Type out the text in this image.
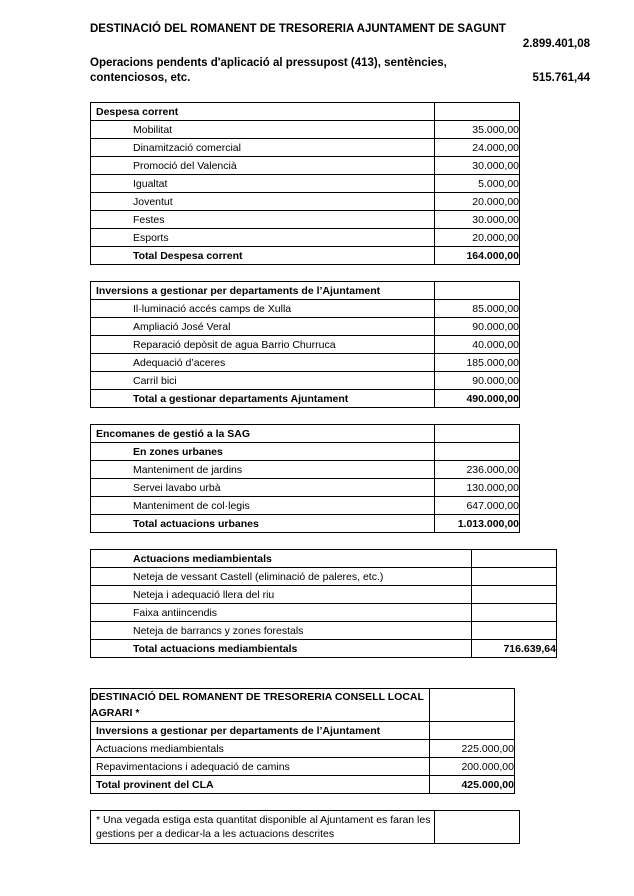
DESTINACIÓ DEL ROMANENT DE TRESORERIA AJUNTAMENT DE SAGUNT
2.899.401,08
Operacions pendents d'aplicació al pressupost (413), sentències, contenciosos, etc.	515.761,44
Despesa corrent	
Mobilitat	35.000,00
Dinamització comercial	24.000,00
Promoció del Valencià	30.000,00
Igualtat	5.000,00
Joventut	20.000,00
Festes	30.000,00
Esports	20.000,00
Total Despesa corrent	164.000,00
Inversions a gestionar per departaments de l’Ajuntament	
Il·luminació accés camps de Xulla	85.000,00
Ampliació José Veral	90.000,00
Reparació depòsit de agua Barrio Churruca	40.000,00
Adequació d’aceres	185.000,00
Carril bici	90.000,00
Total a gestionar departaments Ajuntament	490.000,00
Encomanes de gestió a la SAG	
En zones urbanes	
Manteniment de jardins	236.000,00
Servei lavabo urbà	130.000,00
Manteniment de col·legis	647.000,00
Total actuacions urbanes	1.013.000,00
Actuacions mediambientals	
Neteja de vessant Castell (eliminació de paleres, etc.)	
Neteja i adequació llera del riu	
Faixa antiincendis	
Neteja de barrancs y zones forestals	
Total actuacions mediambientals	716.639,64
DESTINACIÓ DEL ROMANENT DE TRESORERIA CONSELL LOCAL AGRARI *	
Inversions a gestionar per departaments de l’Ajuntament	
Actuacions mediambientals	225.000,00
Repavimentacions i adequació de camins	200.000,00
Total provinent del CLA	425.000,00
* Una vegada estiga esta quantitat disponible al Ajuntament es faran les gestions per a dedicar-la a les actuacions descrites	
